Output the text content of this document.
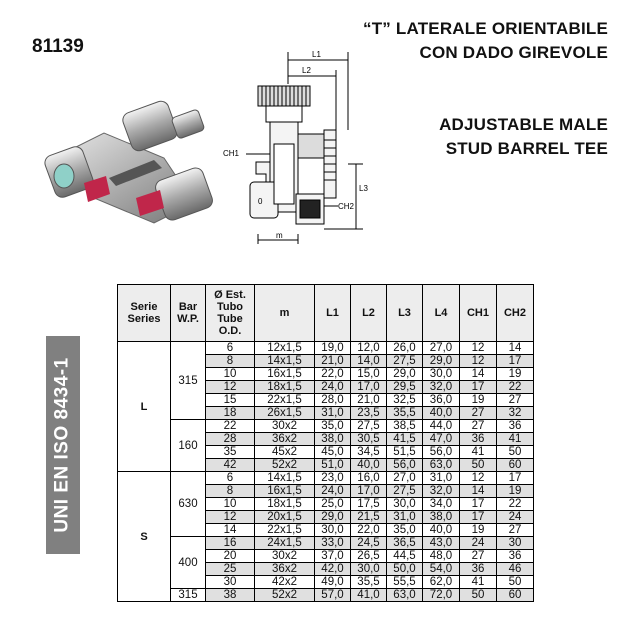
81139
“T” LATERALE ORIENTABILE
CON DADO GIREVOLE
ADJUSTABLE MALE
STUD BARREL TEE
L1
L2
L3
CH1
CH2
m
0
UNI EN ISO 8434-1
Serie Series	Bar W.P.	Ø Est. Tubo Tube O.D.	m	L1	L2	L3	L4	CH1	CH2
L	315	6	12x1,5	19,0	12,0	26,0	27,0	12	14
		8	14x1,5	21,0	14,0	27,5	29,0	12	17
		10	16x1,5	22,0	15,0	29,0	30,0	14	19
		12	18x1,5	24,0	17,0	29,5	32,0	17	22
		15	22x1,5	28,0	21,0	32,5	36,0	19	27
		18	26x1,5	31,0	23,5	35,5	40,0	27	32
	160	22	30x2	35,0	27,5	38,5	44,0	27	36
		28	36x2	38,0	30,5	41,5	47,0	36	41
		35	45x2	45,0	34,5	51,5	56,0	41	50
		42	52x2	51,0	40,0	56,0	63,0	50	60
S	630	6	14x1,5	23,0	16,0	27,0	31,0	12	17
		8	16x1,5	24,0	17,0	27,5	32,0	14	19
		10	18x1,5	25,0	17,5	30,0	34,0	17	22
		12	20x1,5	29,0	21,5	31,0	38,0	17	24
		14	22x1,5	30,0	22,0	35,0	40,0	19	27
	400	16	24x1,5	33,0	24,5	36,5	43,0	24	30
		20	30x2	37,0	26,5	44,5	48,0	27	36
		25	36x2	42,0	30,0	50,0	54,0	36	46
		30	42x2	49,0	35,5	55,5	62,0	41	50
	315	38	52x2	57,0	41,0	63,0	72,0	50	60
